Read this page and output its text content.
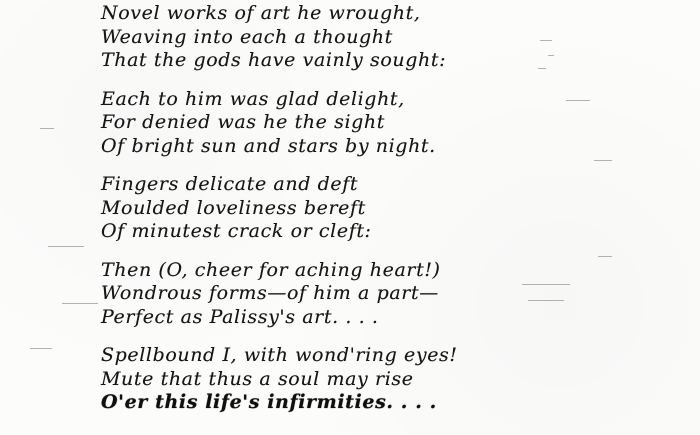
Novel works of art he wrought,
Weaving into each a thought
That the gods have vainly sought:
Each to him was glad delight,
For denied was he the sight
Of bright sun and stars by night.
Fingers delicate and deft
Moulded loveliness bereft
Of minutest crack or cleft:
Then (O, cheer for aching heart!)
Wondrous forms—of him a part—
Perfect as Palissy's art. . . .
Spellbound I, with wond'ring eyes!
Mute that thus a soul may rise
O'er this life's infirmities. . . .
